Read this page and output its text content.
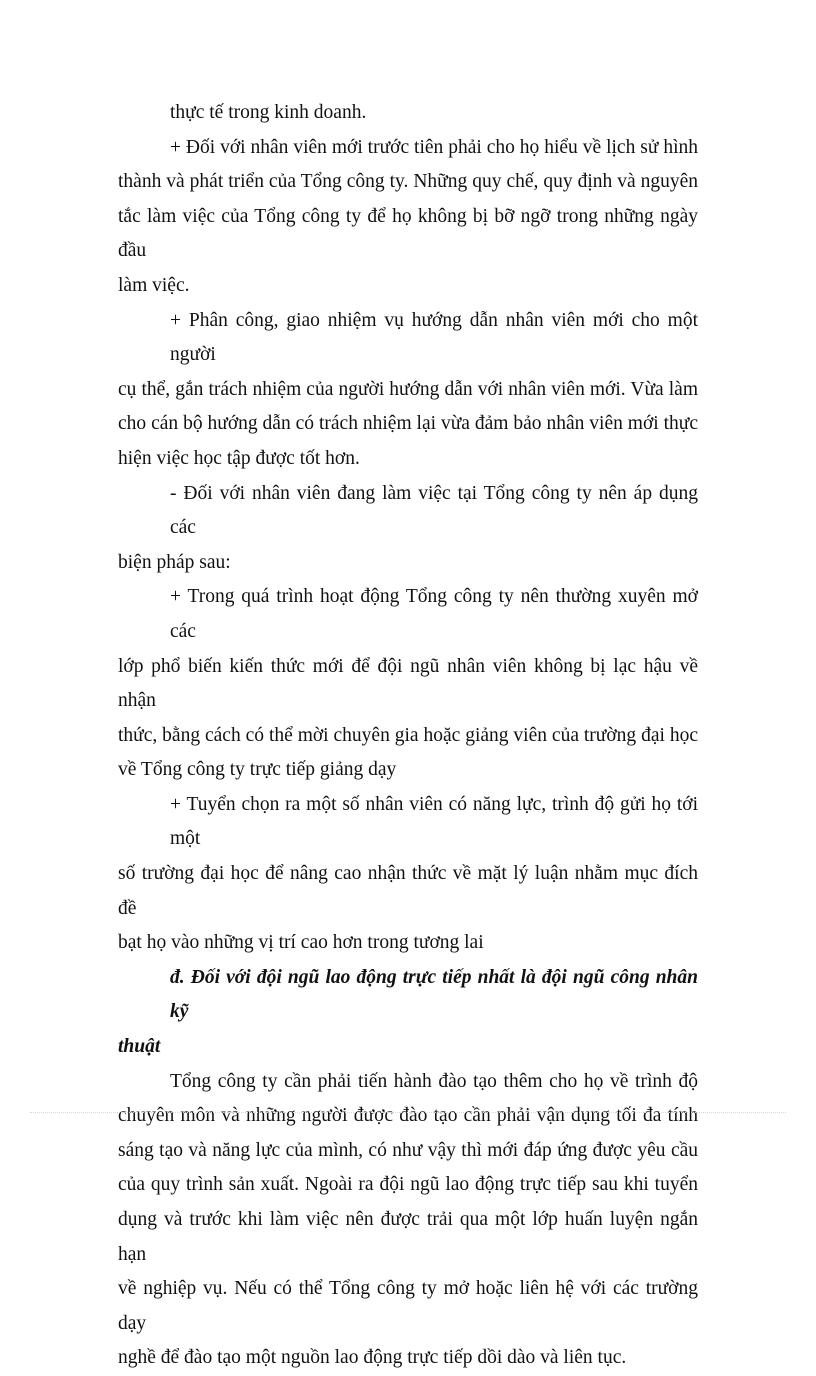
thực tế trong kinh doanh.

+ Đối với nhân viên mới trước tiên phải cho họ hiểu về lịch sử hình

thành và phát triển của Tổng công ty. Những quy chế, quy định và nguyên

tắc làm việc của Tổng công ty để họ không bị bỡ ngỡ trong những ngày đầu

làm việc.

+ Phân công, giao nhiệm vụ hướng dẫn nhân viên mới cho một người

cụ thể, gắn trách nhiệm của người hướng dẫn với nhân viên mới. Vừa làm

cho cán bộ hướng dẫn có trách nhiệm lại vừa đảm bảo nhân viên mới thực

hiện việc học tập được tốt hơn.

- Đối với nhân viên đang làm việc tại Tổng công ty nên áp dụng các

biện pháp sau:

+ Trong quá trình hoạt động Tổng công ty nên thường xuyên mở các

lớp phổ biến kiến thức mới để đội ngũ nhân viên không bị lạc hậu về nhận

thức, bằng cách có thể mời chuyên gia hoặc giảng viên của trường đại học

về Tổng công ty trực tiếp giảng dạy

+ Tuyển chọn ra một số nhân viên có năng lực, trình độ gửi họ tới một

số trường đại học để nâng cao nhận thức về mặt lý luận nhằm mục đích đề

bạt họ vào những vị trí cao hơn trong tương lai

đ. Đối với đội ngũ lao động trực tiếp nhất là đội ngũ công nhân kỹ

thuật

Tổng công ty cần phải tiến hành đào tạo thêm cho họ về trình độ

chuyên môn và những người được đào tạo cần phải vận dụng tối đa tính

sáng tạo và năng lực của mình, có như vậy thì mới đáp ứng được yêu cầu

của quy trình sản xuất. Ngoài ra đội ngũ lao động trực tiếp sau khi tuyển

dụng và trước khi làm việc nên được trải qua một lớp huấn luyện ngắn hạn

về nghiệp vụ. Nếu có thể Tổng công ty mở hoặc liên hệ với các trường dạy

nghề để đào tạo một nguồn lao động trực tiếp dồi dào và liên tục.
